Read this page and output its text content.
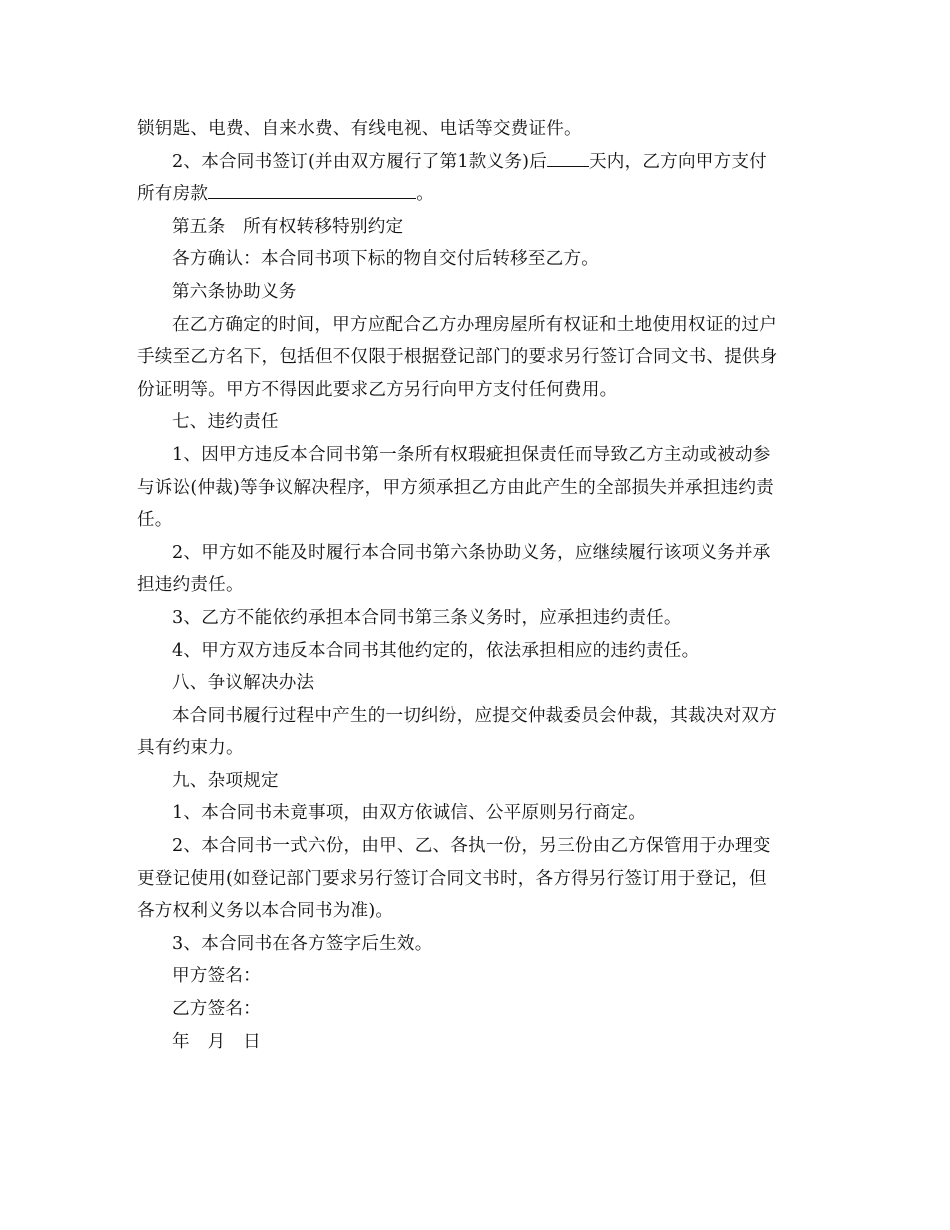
锁钥匙、电费、自来水费、有线电视、电话等交费证件。

2、本合同书签订(并由双方履行了第1款义务)后 天内，乙方向甲方支付

所有房款	。

第五条　所有权转移特别约定

各方确认：本合同书项下标的物自交付后转移至乙方。

第六条协助义务

在乙方确定的时间，甲方应配合乙方办理房屋所有权证和土地使用权证的过户

手续至乙方名下，包括但不仅限于根据登记部门的要求另行签订合同文书、提供身

份证明等。甲方不得因此要求乙方另行向甲方支付任何费用。

七、违约责任

1、因甲方违反本合同书第一条所有权瑕疵担保责任而导致乙方主动或被动参

与诉讼(仲裁)等争议解决程序，甲方须承担乙方由此产生的全部损失并承担违约责

任。

2、甲方如不能及时履行本合同书第六条协助义务，应继续履行该项义务并承

担违约责任。

3、乙方不能依约承担本合同书第三条义务时，应承担违约责任。

4、甲方双方违反本合同书其他约定的，依法承担相应的违约责任。

八、争议解决办法

本合同书履行过程中产生的一切纠纷，应提交仲裁委员会仲裁，其裁决对双方

具有约束力。

九、杂项规定

1、本合同书未竟事项，由双方依诚信、公平原则另行商定。

2、本合同书一式六份，由甲、乙、各执一份，另三份由乙方保管用于办理变

更登记使用(如登记部门要求另行签订合同文书时，各方得另行签订用于登记，但

各方权利义务以本合同书为准)。

3、本合同书在各方签字后生效。

甲方签名：

乙方签名：

年　月　日
